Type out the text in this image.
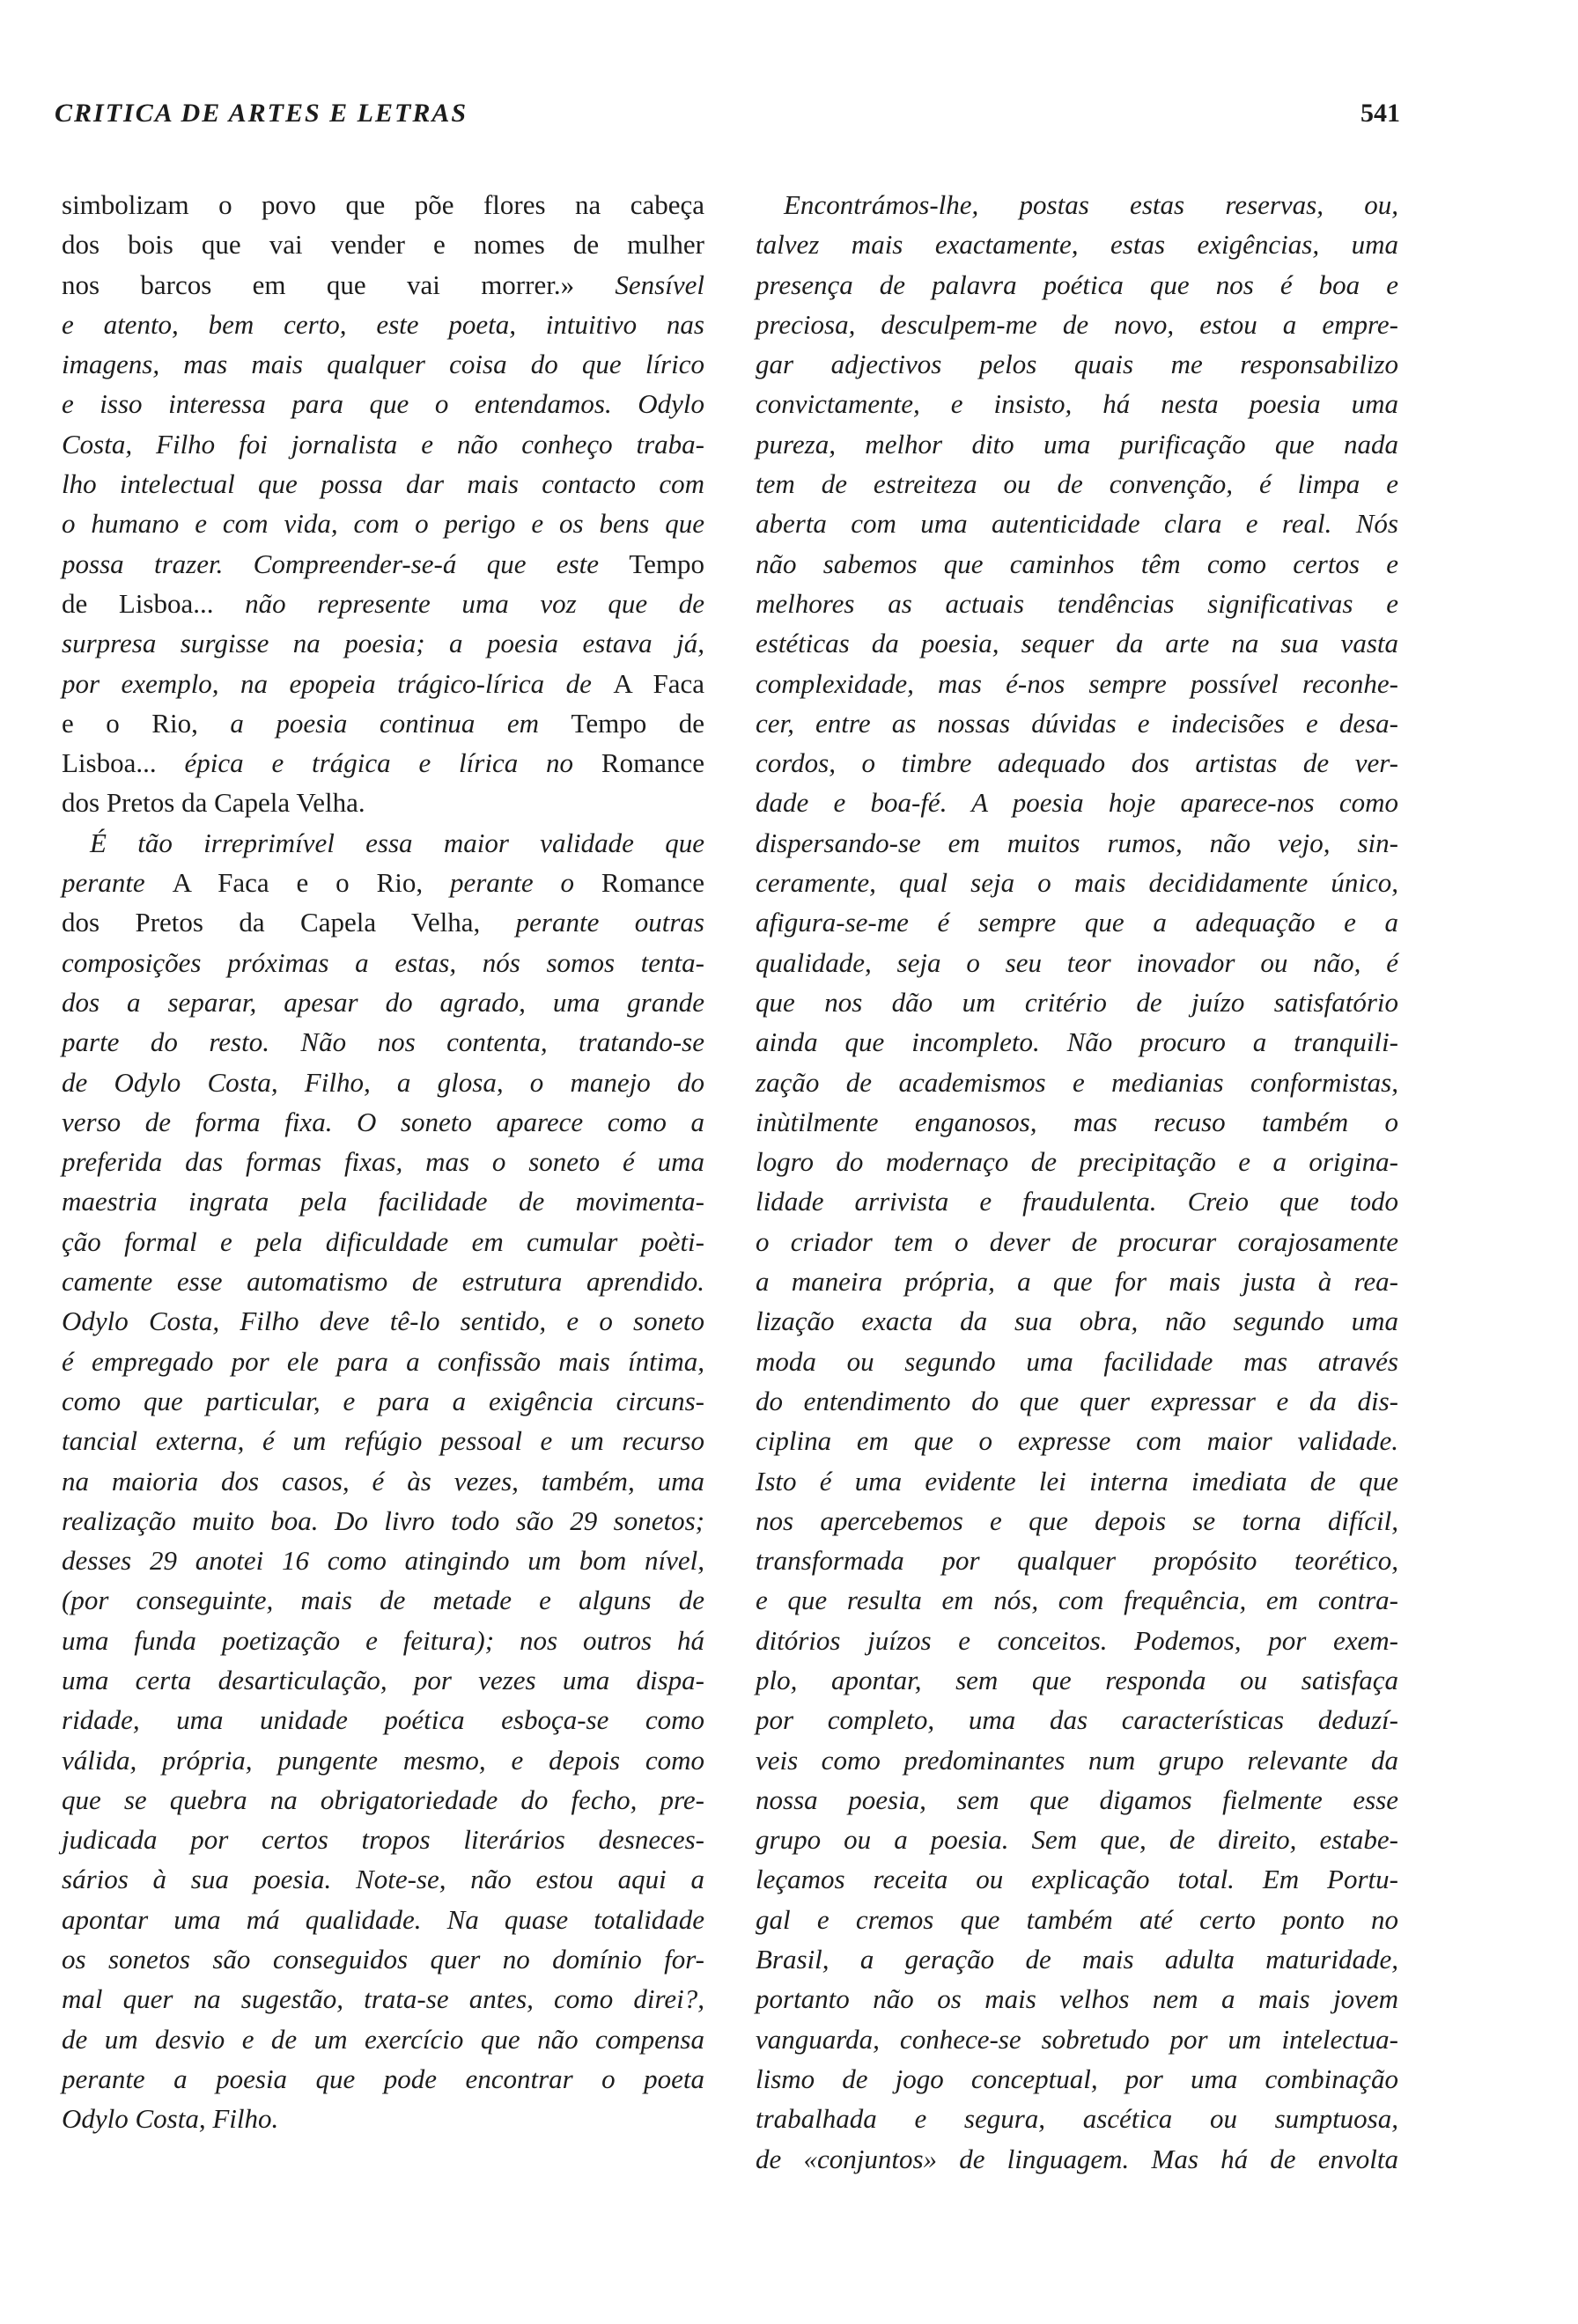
CRITICA DE ARTES E LETRAS	541
simbolizam o povo que põe flores na cabeça
dos bois que vai vender e nomes de mulher
nos barcos em que vai morrer.» Sensível
e atento, bem certo, este poeta, intuitivo nas
imagens, mas mais qualquer coisa do que lírico
e isso interessa para que o entendamos. Odylo
Costa, Filho foi jornalista e não conheço traba-
lho intelectual que possa dar mais contacto com
o humano e com vida, com o perigo e os bens que
possa trazer. Compreender-se-á que este Tempo
de Lisboa... não represente uma voz que de
surpresa surgisse na poesia; a poesia estava já,
por exemplo, na epopeia trágico-lírica de A Faca
e o Rio, a poesia continua em Tempo de
Lisboa... épica e trágica e lírica no Romance
dos Pretos da Capela Velha.
É tão irreprimível essa maior validade que
perante A Faca e o Rio, perante o Romance
dos Pretos da Capela Velha, perante outras
composições próximas a estas, nós somos tenta-
dos a separar, apesar do agrado, uma grande
parte do resto. Não nos contenta, tratando-se
de Odylo Costa, Filho, a glosa, o manejo do
verso de forma fixa. O soneto aparece como a
preferida das formas fixas, mas o soneto é uma
maestria ingrata pela facilidade de movimenta-
ção formal e pela dificuldade em cumular poèti-
camente esse automatismo de estrutura aprendido.
Odylo Costa, Filho deve tê-lo sentido, e o soneto
é empregado por ele para a confissão mais íntima,
como que particular, e para a exigência circuns-
tancial externa, é um refúgio pessoal e um recurso
na maioria dos casos, é às vezes, também, uma
realização muito boa. Do livro todo são 29 sonetos;
desses 29 anotei 16 como atingindo um bom nível,
(por conseguinte, mais de metade e alguns de
uma funda poetização e feitura); nos outros há
uma certa desarticulação, por vezes uma dispa-
ridade, uma unidade poética esboça-se como
válida, própria, pungente mesmo, e depois como
que se quebra na obrigatoriedade do fecho, pre-
judicada por certos tropos literários desneces-
sários à sua poesia. Note-se, não estou aqui a
apontar uma má qualidade. Na quase totalidade
os sonetos são conseguidos quer no domínio for-
mal quer na sugestão, trata-se antes, como direi?,
de um desvio e de um exercício que não compensa
perante a poesia que pode encontrar o poeta
Odylo Costa, Filho.
Encontrámos-lhe, postas estas reservas, ou,
talvez mais exactamente, estas exigências, uma
presença de palavra poética que nos é boa e
preciosa, desculpem-me de novo, estou a empre-
gar adjectivos pelos quais me responsabilizo
convictamente, e insisto, há nesta poesia uma
pureza, melhor dito uma purificação que nada
tem de estreiteza ou de convenção, é limpa e
aberta com uma autenticidade clara e real. Nós
não sabemos que caminhos têm como certos e
melhores as actuais tendências significativas e
estéticas da poesia, sequer da arte na sua vasta
complexidade, mas é-nos sempre possível reconhe-
cer, entre as nossas dúvidas e indecisões e desa-
cordos, o timbre adequado dos artistas de ver-
dade e boa-fé. A poesia hoje aparece-nos como
dispersando-se em muitos rumos, não vejo, sin-
ceramente, qual seja o mais decididamente único,
afigura-se-me é sempre que a adequação e a
qualidade, seja o seu teor inovador ou não, é
que nos dão um critério de juízo satisfatório
ainda que incompleto. Não procuro a tranquili-
zação de academismos e medianias conformistas,
inùtilmente enganosos, mas recuso também o
logro do modernaço de precipitação e a origina-
lidade arrivista e fraudulenta. Creio que todo
o criador tem o dever de procurar corajosamente
a maneira própria, a que for mais justa à rea-
lização exacta da sua obra, não segundo uma
moda ou segundo uma facilidade mas através
do entendimento do que quer expressar e da dis-
ciplina em que o expresse com maior validade.
Isto é uma evidente lei interna imediata de que
nos apercebemos e que depois se torna difícil,
transformada por qualquer propósito teorético,
e que resulta em nós, com frequência, em contra-
ditórios juízos e conceitos. Podemos, por exem-
plo, apontar, sem que responda ou satisfaça
por completo, uma das características deduzí-
veis como predominantes num grupo relevante da
nossa poesia, sem que digamos fielmente esse
grupo ou a poesia. Sem que, de direito, estabe-
leçamos receita ou explicação total. Em Portu-
gal e cremos que também até certo ponto no
Brasil, a geração de mais adulta maturidade,
portanto não os mais velhos nem a mais jovem
vanguarda, conhece-se sobretudo por um intelectua-
lismo de jogo conceptual, por uma combinação
trabalhada e segura, ascética ou sumptuosa,
de «conjuntos» de linguagem. Mas há de envolta
